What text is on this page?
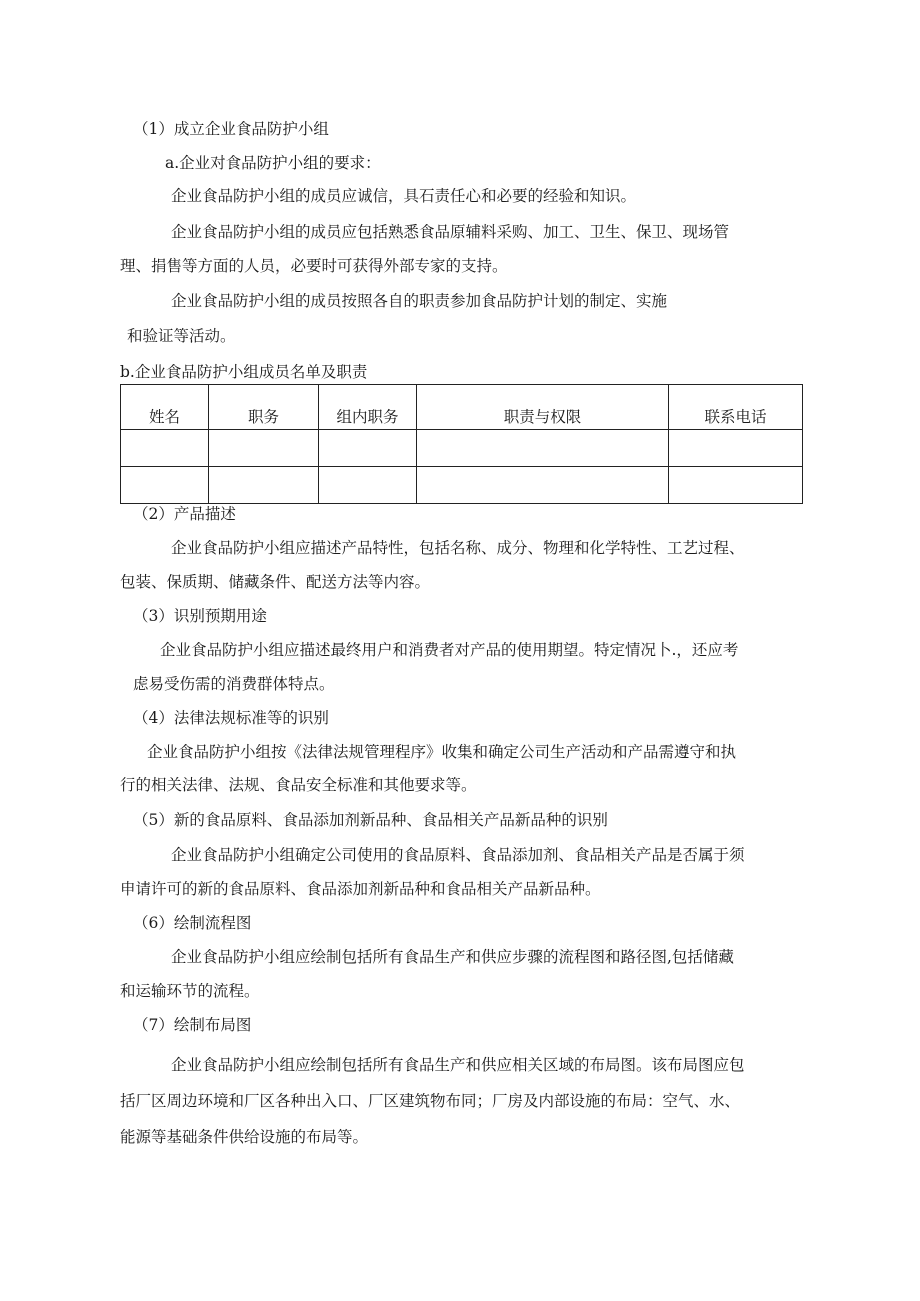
（1）成立企业食品防护小组
a.企业对食品防护小组的要求：
企业食品防护小组的成员应诚信，具石责任心和必要的经验和知识。
企业食品防护小组的成员应包括熟悉食品原辅料采购、加工、卫生、保卫、现场管
理、捐售等方面的人员，必要时可获得外部专家的支持。
企业食品防护小组的成员按照各自的职责参加食品防护计划的制定、实施
和验证等活动。
b.企业食品防护小组成员名单及职责
姓名	职务	组内职务	职责与权限	联系电话

（2）产品描述
企业食品防护小组应描述产品特性，包括名称、成分、物理和化学特性、工艺过程、
包装、保质期、储藏条件、配送方法等内容。
（3）识别预期用途
企业食品防护小组应描述最终用户和消费者对产品的使用期望。特定情况卜.，还应考
虑易受伤需的消费群体特点。
（4）法律法规标准等的识别
企业食品防护小组按《法律法规管理程序》收集和确定公司生产活动和产品需遵守和执
行的相关法律、法规、食品安全标准和其他要求等。
（5）新的食品原料、食品添加剂新品种、食品相关产品新品种的识别
企业食品防护小组确定公司使用的食品原料、食品添加剂、食品相关产品是否属于须
申请许可的新的食品原料、食品添加剂新品种和食品相关产品新品种。
（6）绘制流程图
企业食品防护小组应绘制包括所有食品生产和供应步骤的流程图和路径图,包括储藏
和运输环节的流程。
（7）绘制布局图
企业食品防护小组应绘制包括所有食品生产和供应相关区域的布局图。该布局图应包
括厂区周边环境和厂区各种出入口、厂区建筑物布同；厂房及内部设施的布局：空气、水、
能源等基础条件供给设施的布局等。
